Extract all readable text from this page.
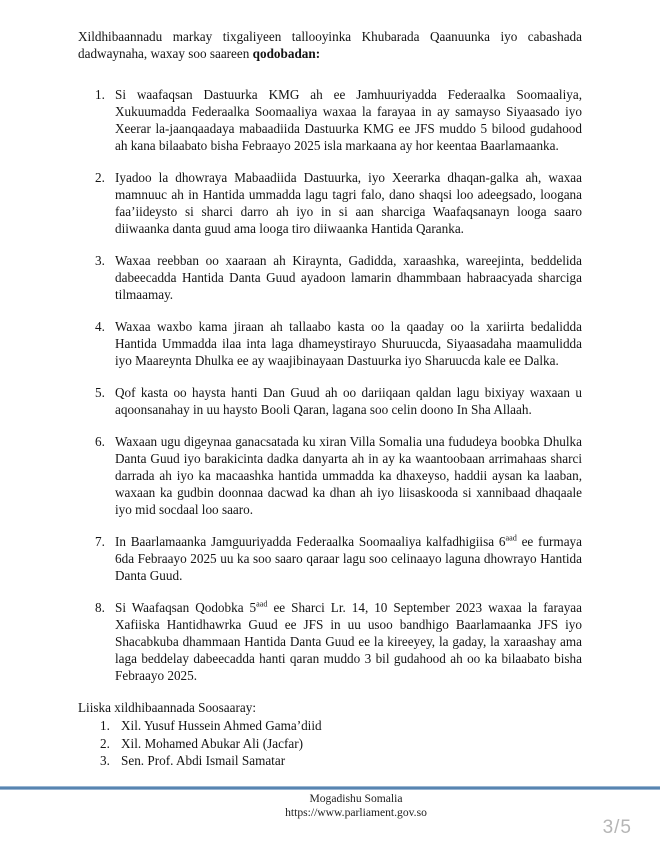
Xildhibaannadu markay tixgaliyeen tallooyinka Khubarada Qaanuunka iyo cabashada dadwaynaha, waxay soo saareen qodobadan:

1. Si waafaqsan Dastuurka KMG ah ee Jamhuuriyadda Federaalka Soomaaliya, Xukuumadda Federaalka Soomaaliya waxaa la farayaa in ay samayso Siyaasado iyo Xeerar la-jaanqaadaya mabaadiida Dastuurka KMG ee JFS muddo 5 bilood gudahood ah kana bilaabato bisha Febraayo 2025 isla markaana ay hor keentaa Baarlamaanka.
2. Iyadoo la dhowraya Mabaadiida Dastuurka, iyo Xeerarka dhaqan-galka ah, waxaa mamnuuc ah in Hantida ummadda lagu tagri falo, dano shaqsi loo adeegsado, loogana faa’iideysto si sharci darro ah iyo in si aan sharciga Waafaqsanayn looga saaro diiwaanka danta guud ama looga tiro diiwaanka Hantida Qaranka.
3. Waxaa reebban oo xaaraan ah Kiraynta, Gadidda, xaraashka, wareejinta, beddelida dabeecadda Hantida Danta Guud ayadoon lamarin dhammbaan habraacyada sharciga tilmaamay.
4. Waxaa waxbo kama jiraan ah tallaabo kasta oo la qaaday oo la xariirta bedalidda Hantida Ummadda ilaa inta laga dhameystirayo Shuruucda, Siyaasadaha maamulidda iyo Maareynta Dhulka ee ay waajibinayaan Dastuurka iyo Sharuucda kale ee Dalka.
5. Qof kasta oo haysta hanti Dan Guud ah oo dariiqaan qaldan lagu bixiyay waxaan u aqoonsanahay in uu haysto Booli Qaran, lagana soo celin doono In Sha Allaah.
6. Waxaan ugu digeynaa ganacsatada ku xiran Villa Somalia una fududeya boobka Dhulka Danta Guud iyo barakicinta dadka danyarta ah in ay ka waantoobaan arrimahaas sharci darrada ah iyo ka macaashka hantida ummadda ka dhaxeyso, haddii aysan ka laaban, waxaan ka gudbin doonnaa dacwad ka dhan ah iyo liisaskooda si xannibaad dhaqaale iyo mid socdaal loo saaro.
7. In Baarlamaanka Jamguuriyadda Federaalka Soomaaliya kalfadhigiisa $6^{aad}$ ee furmaya 6da Febraayo 2025 uu ka soo saaro qaraar lagu soo celinaayo laguna dhowrayo Hantida Danta Guud.
8. Si Waafaqsan Qodobka $5^{aad}$ ee Sharci Lr. 14, 10 September 2023 waxaa la farayaa Xafiiska Hantidhawrka Guud ee JFS in uu usoo bandhigo Baarlamaanka JFS iyo Shacabkuba dhammaan Hantida Danta Guud ee la kireeyey, la gaday, la xaraashay ama laga beddelay dabeecadda hanti qaran muddo 3 bil gudahood ah oo ka bilaabato bisha Febraayo 2025.

Liiska xildhibaannada Soosaaray:

1. Xil. Yusuf Hussein Ahmed Gama’diid
2. Xil. Mohamed Abukar Ali (Jacfar)
3. Sen. Prof. Abdi Ismail Samatar
Mogadishu Somalia
https://www.parliament.gov.so
3/5
